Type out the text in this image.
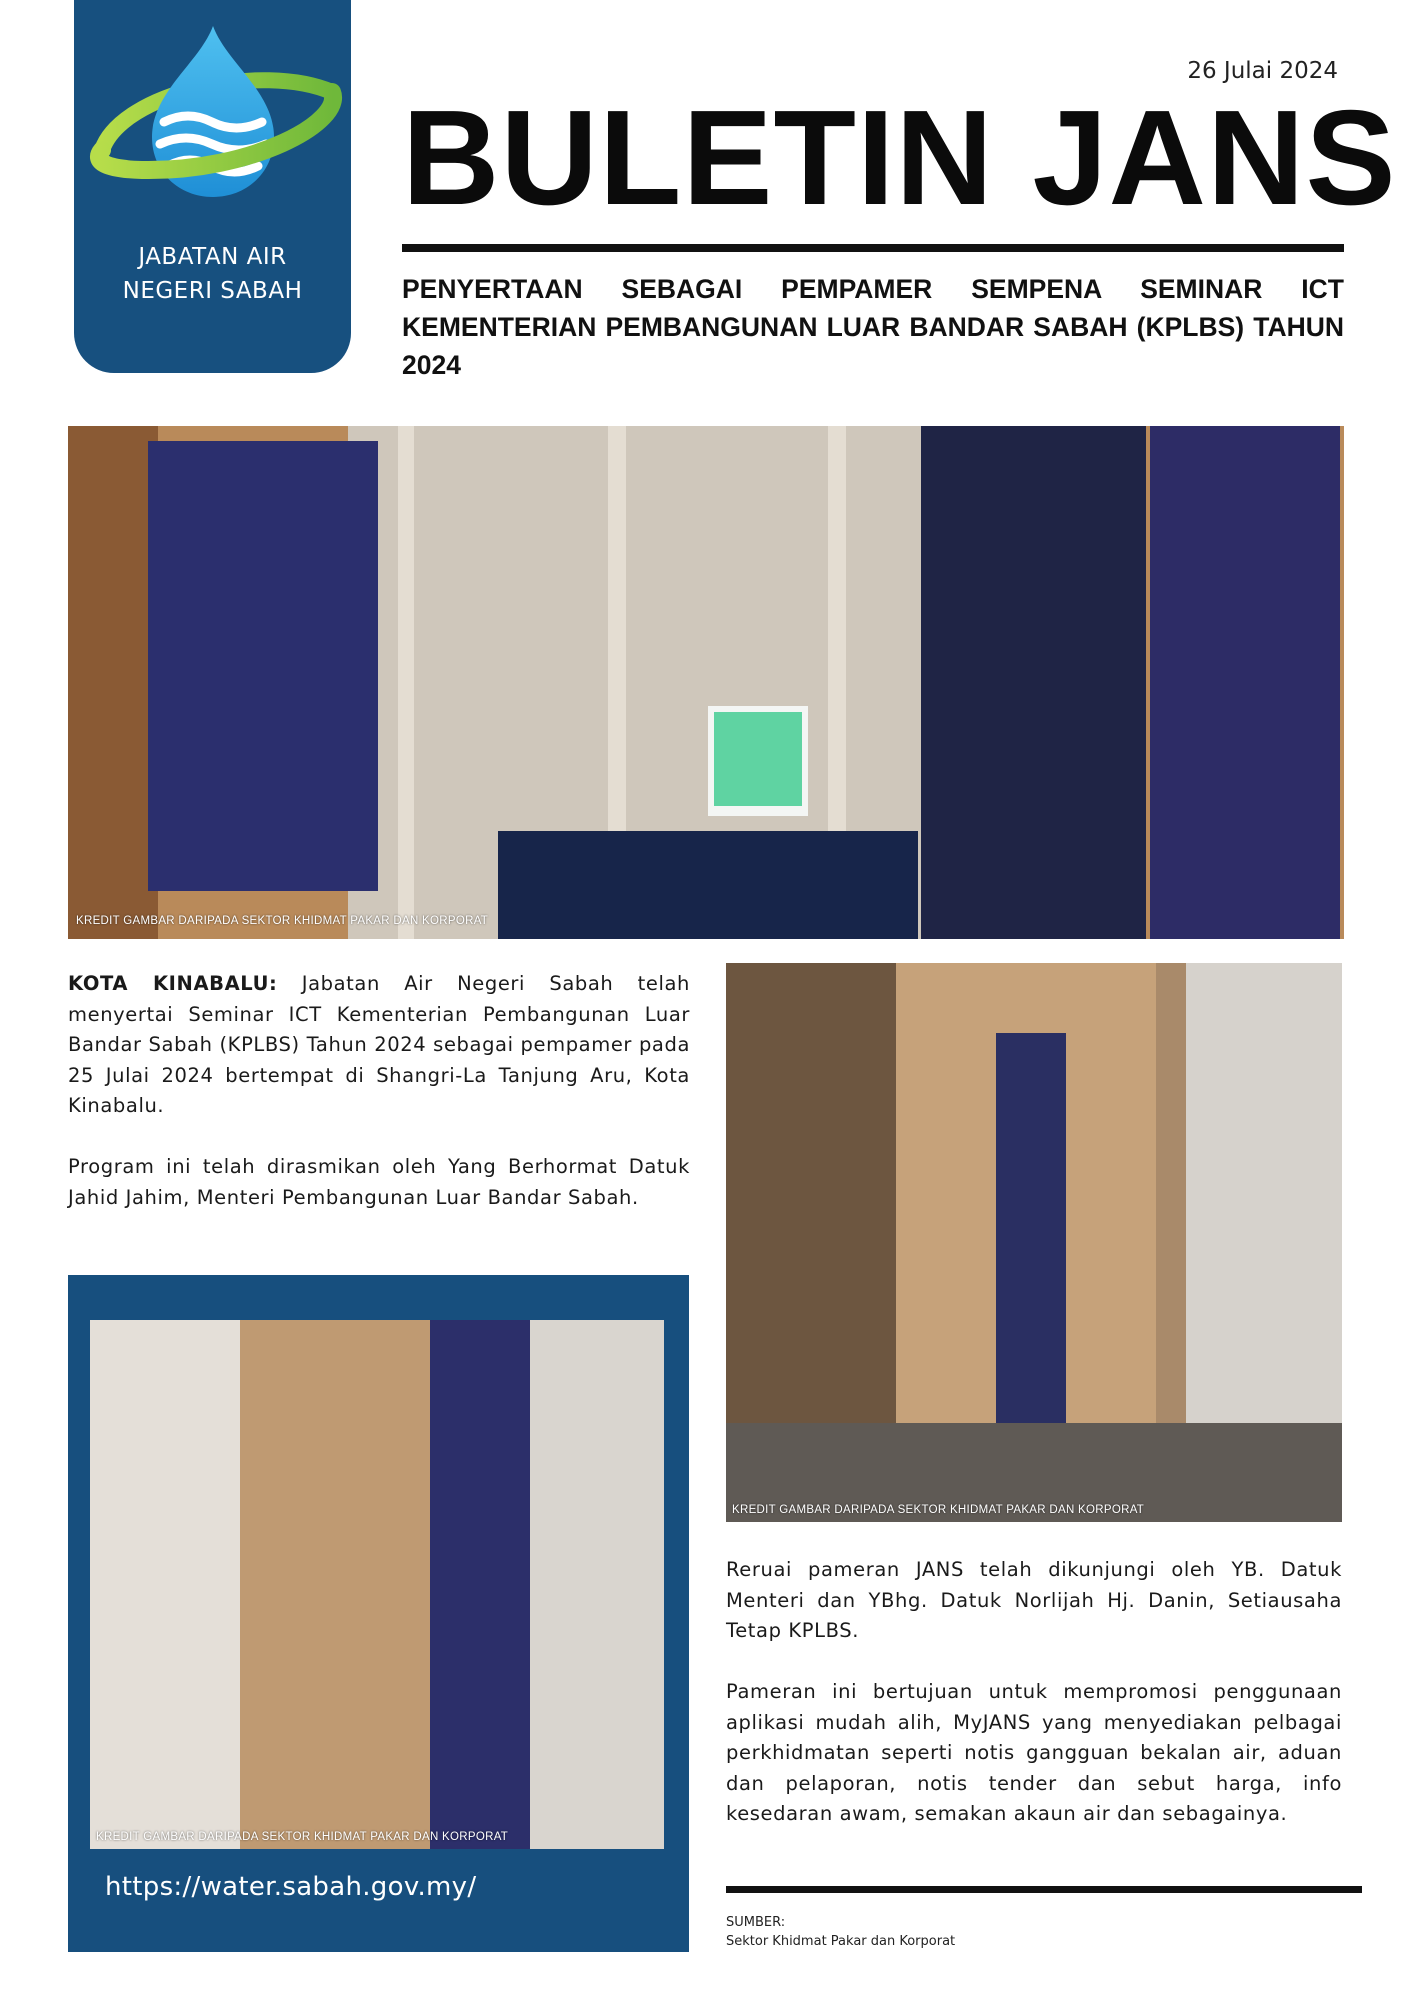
JABATAN AIR
NEGERI SABAH
26 Julai 2024
BULETIN JANS
PENYERTAAN SEBAGAI PEMPAMER SEMPENA SEMINAR ICT KEMENTERIAN PEMBANGUNAN LUAR BANDAR SABAH (KPLBS) TAHUN 2024
KREDIT GAMBAR DARIPADA SEKTOR KHIDMAT PAKAR DAN KORPORAT

KOTA KINABALU: Jabatan Air Negeri Sabah telah menyertai Seminar ICT Kementerian Pembangunan Luar Bandar Sabah (KPLBS) Tahun 2024 sebagai pempamer pada 25 Julai 2024 bertempat di Shangri-La Tanjung Aru, Kota Kinabalu.

Program ini telah dirasmikan oleh Yang Berhormat Datuk Jahid Jahim, Menteri Pembangunan Luar Bandar Sabah.

KREDIT GAMBAR DARIPADA SEKTOR KHIDMAT PAKAR DAN KORPORAT

Reruai pameran JANS telah dikunjungi oleh YB. Datuk Menteri dan YBhg. Datuk Norlijah Hj. Danin, Setiausaha Tetap KPLBS.

Pameran ini bertujuan untuk mempromosi penggunaan aplikasi mudah alih, MyJANS yang menyediakan pelbagai perkhidmatan seperti notis gangguan bekalan air, aduan dan pelaporan, notis tender dan sebut harga, info kesedaran awam, semakan akaun air dan sebagainya.

KREDIT GAMBAR DARIPADA SEKTOR KHIDMAT PAKAR DAN KORPORAT
https://water.sabah.gov.my/
SUMBER:
Sektor Khidmat Pakar dan Korporat
